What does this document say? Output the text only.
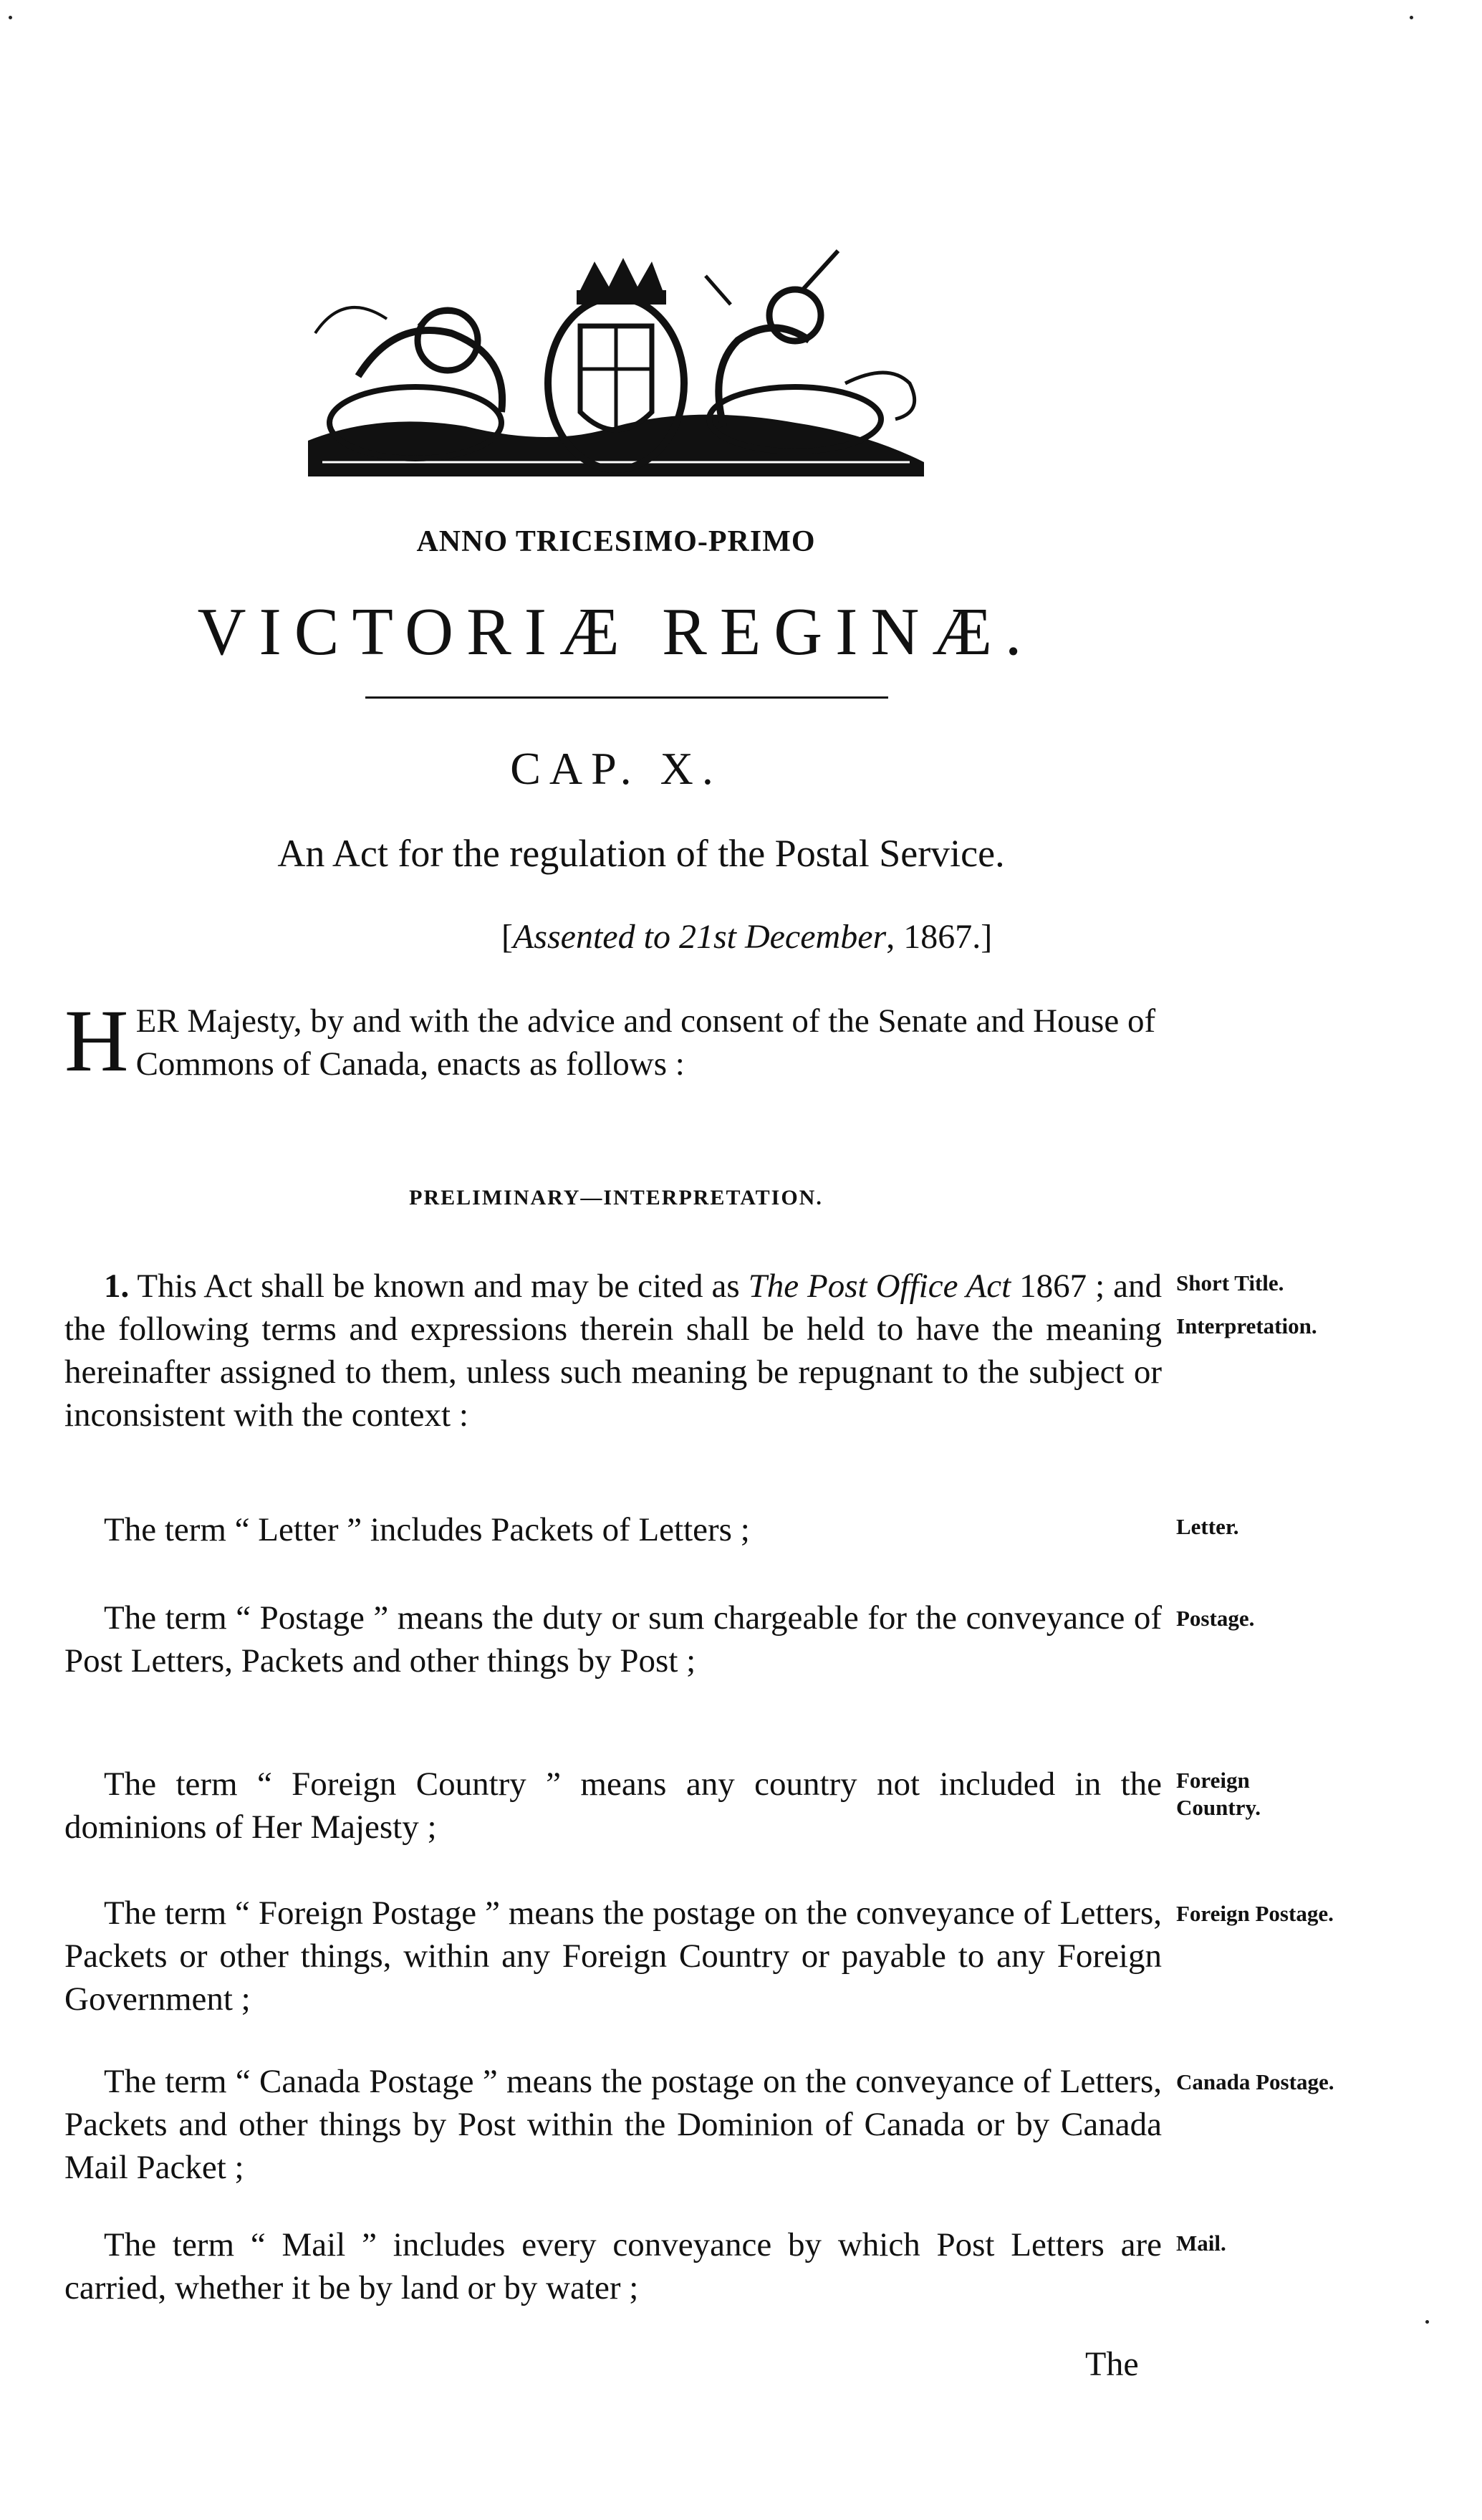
ANNO TRICESIMO-PRIMO
VICTORIÆ REGINÆ.
CAP. X.
An Act for the regulation of the Postal Service.
[Assented to 21st December, 1867.]
HER Majesty, by and with the advice and consent of the Senate and House of Commons of Canada, enacts as follows :
PRELIMINARY—INTERPRETATION.
1. This Act shall be known and may be cited as The Post Office Act 1867 ; and the following terms and expressions therein shall be held to have the meaning hereinafter assigned to them, unless such meaning be repugnant to the subject or inconsistent with the context :
Short Title.
Interpretation.
The term “ Letter ” includes Packets of Letters ;	Letter.
The term “ Postage ” means the duty or sum chargeable for the conveyance of Post Letters, Packets and other things by Post ;
Postage.
The term “ Foreign Country ” means any country not included in the dominions of Her Majesty ;
Foreign Country.
The term “ Foreign Postage ” means the postage on the conveyance of Letters, Packets or other things, within any Foreign Country or payable to any Foreign Government ;
Foreign Postage.
The term “ Canada Postage ” means the postage on the conveyance of Letters, Packets and other things by Post within the Dominion of Canada or by Canada Mail Packet ;
Canada Postage.
The term “ Mail ” includes every conveyance by which Post Letters are carried, whether it be by land or by water ;
Mail.
The
